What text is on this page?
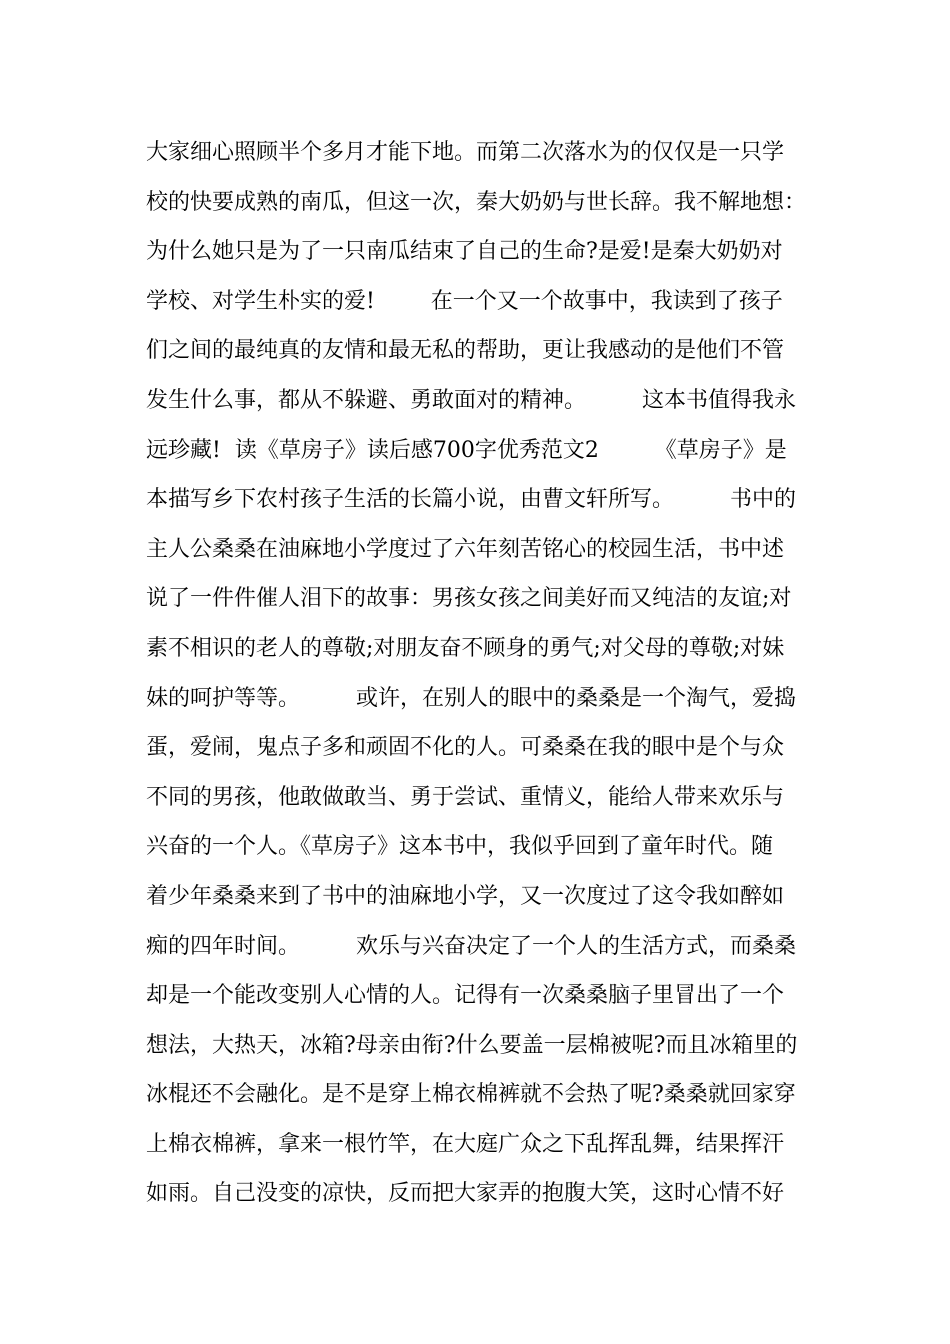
大家细心照顾半个多月才能下地。而第二次落水为的仅仅是一只学
校的快要成熟的南瓜，但这一次，秦大奶奶与世长辞。我不解地想：
为什么她只是为了一只南瓜结束了自己的生命?是爱!是秦大奶奶对
学校、对学生朴实的爱!        在一个又一个故事中，我读到了孩子
们之间的最纯真的友情和最无私的帮助，更让我感动的是他们不管
发生什么事，都从不躲避、勇敢面对的精神。        这本书值得我永
远珍藏!  读《草房子》读后感700字优秀范文2        《草房子》是
本描写乡下农村孩子生活的长篇小说，由曹文轩所写。        书中的
主人公桑桑在油麻地小学度过了六年刻苦铭心的校园生活，书中述
说了一件件催人泪下的故事：男孩女孩之间美好而又纯洁的友谊;对
素不相识的老人的尊敬;对朋友奋不顾身的勇气;对父母的尊敬;对妹
妹的呵护等等。        或许，在别人的眼中的桑桑是一个淘气，爱捣
蛋，爱闹，鬼点子多和顽固不化的人。可桑桑在我的眼中是个与众
不同的男孩，他敢做敢当、勇于尝试、重情义，能给人带来欢乐与
兴奋的一个人。《草房子》这本书中，我似乎回到了童年时代。随
着少年桑桑来到了书中的油麻地小学，又一次度过了这令我如醉如
痴的四年时间。        欢乐与兴奋决定了一个人的生活方式，而桑桑
却是一个能改变别人心情的人。记得有一次桑桑脑子里冒出了一个
想法，大热天，冰箱?母亲由衔?什么要盖一层棉被呢?而且冰箱里的
冰棍还不会融化。是不是穿上棉衣棉裤就不会热了呢?桑桑就回家穿
上棉衣棉裤，拿来一根竹竿，在大庭广众之下乱挥乱舞，结果挥汗
如雨。自己没变的凉快，反而把大家弄的抱腹大笑，这时心情不好
